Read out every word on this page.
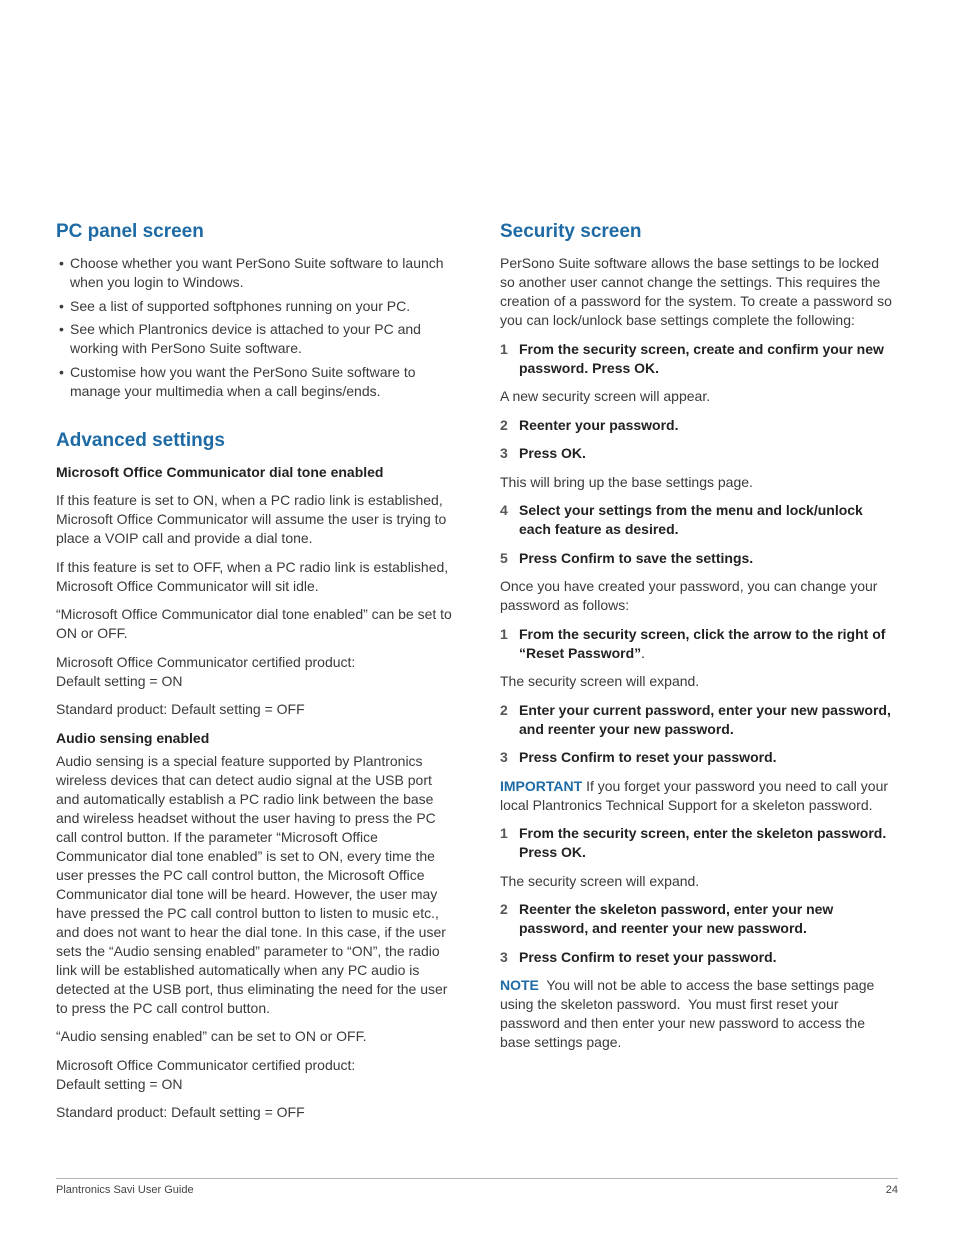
PC panel screen
• Choose whether you want PerSono Suite software to launch when you login to Windows.
• See a list of supported softphones running on your PC.
• See which Plantronics device is attached to your PC and working with PerSono Suite software.
• Customise how you want the PerSono Suite software to manage your multimedia when a call begins/ends.
Advanced settings

Microsoft Office Communicator dial tone enabled

If this feature is set to ON, when a PC radio link is established, Microsoft Office Communicator will assume the user is trying to place a VOIP call and provide a dial tone.

If this feature is set to OFF, when a PC radio link is established, Microsoft Office Communicator will sit idle.

“Microsoft Office Communicator dial tone enabled” can be set to ON or OFF.

Microsoft Office Communicator certified product:
Default setting = ON

Standard product: Default setting = OFF

Audio sensing enabled

Audio sensing is a special feature supported by Plantronics wireless devices that can detect audio signal at the USB port and automatically establish a PC radio link between the base and wireless headset without the user having to press the PC call control button. If the parameter “Microsoft Office Communicator dial tone enabled” is set to ON, every time the user presses the PC call control button, the Microsoft Office Communicator dial tone will be heard. However, the user may have pressed the PC call control button to listen to music etc., and does not want to hear the dial tone. In this case, if the user sets the “Audio sensing enabled” parameter to “ON”, the radio link will be established automatically when any PC audio is detected at the USB port, thus eliminating the need for the user to press the PC call control button.

“Audio sensing enabled” can be set to ON or OFF.

Microsoft Office Communicator certified product:
Default setting = ON

Standard product: Default setting = OFF

Security screen

PerSono Suite software allows the base settings to be locked so another user cannot change the settings. This requires the creation of a password for the system. To create a password so you can lock/unlock base settings complete the following:

1 From the security screen, create and confirm your new password. Press OK.

A new security screen will appear.

2 Reenter your password.
3 Press OK.

This will bring up the base settings page.

4 Select your settings from the menu and lock/unlock each feature as desired.
5 Press Confirm to save the settings.

Once you have created your password, you can change your password as follows:

1 From the security screen, click the arrow to the right of “Reset Password”.

The security screen will expand.

2 Enter your current password, enter your new password, and reenter your new password.
3 Press Confirm to reset your password.

IMPORTANT If you forget your password you need to call your local Plantronics Technical Support for a skeleton password.

1 From the security screen, enter the skeleton password. Press OK.

The security screen will expand.

2 Reenter the skeleton password, enter your new password, and reenter your new password.
3 Press Confirm to reset your password.

NOTE  You will not be able to access the base settings page using the skeleton password.  You must first reset your password and then enter your new password to access the base settings page.

Plantronics Savi User Guide	24
